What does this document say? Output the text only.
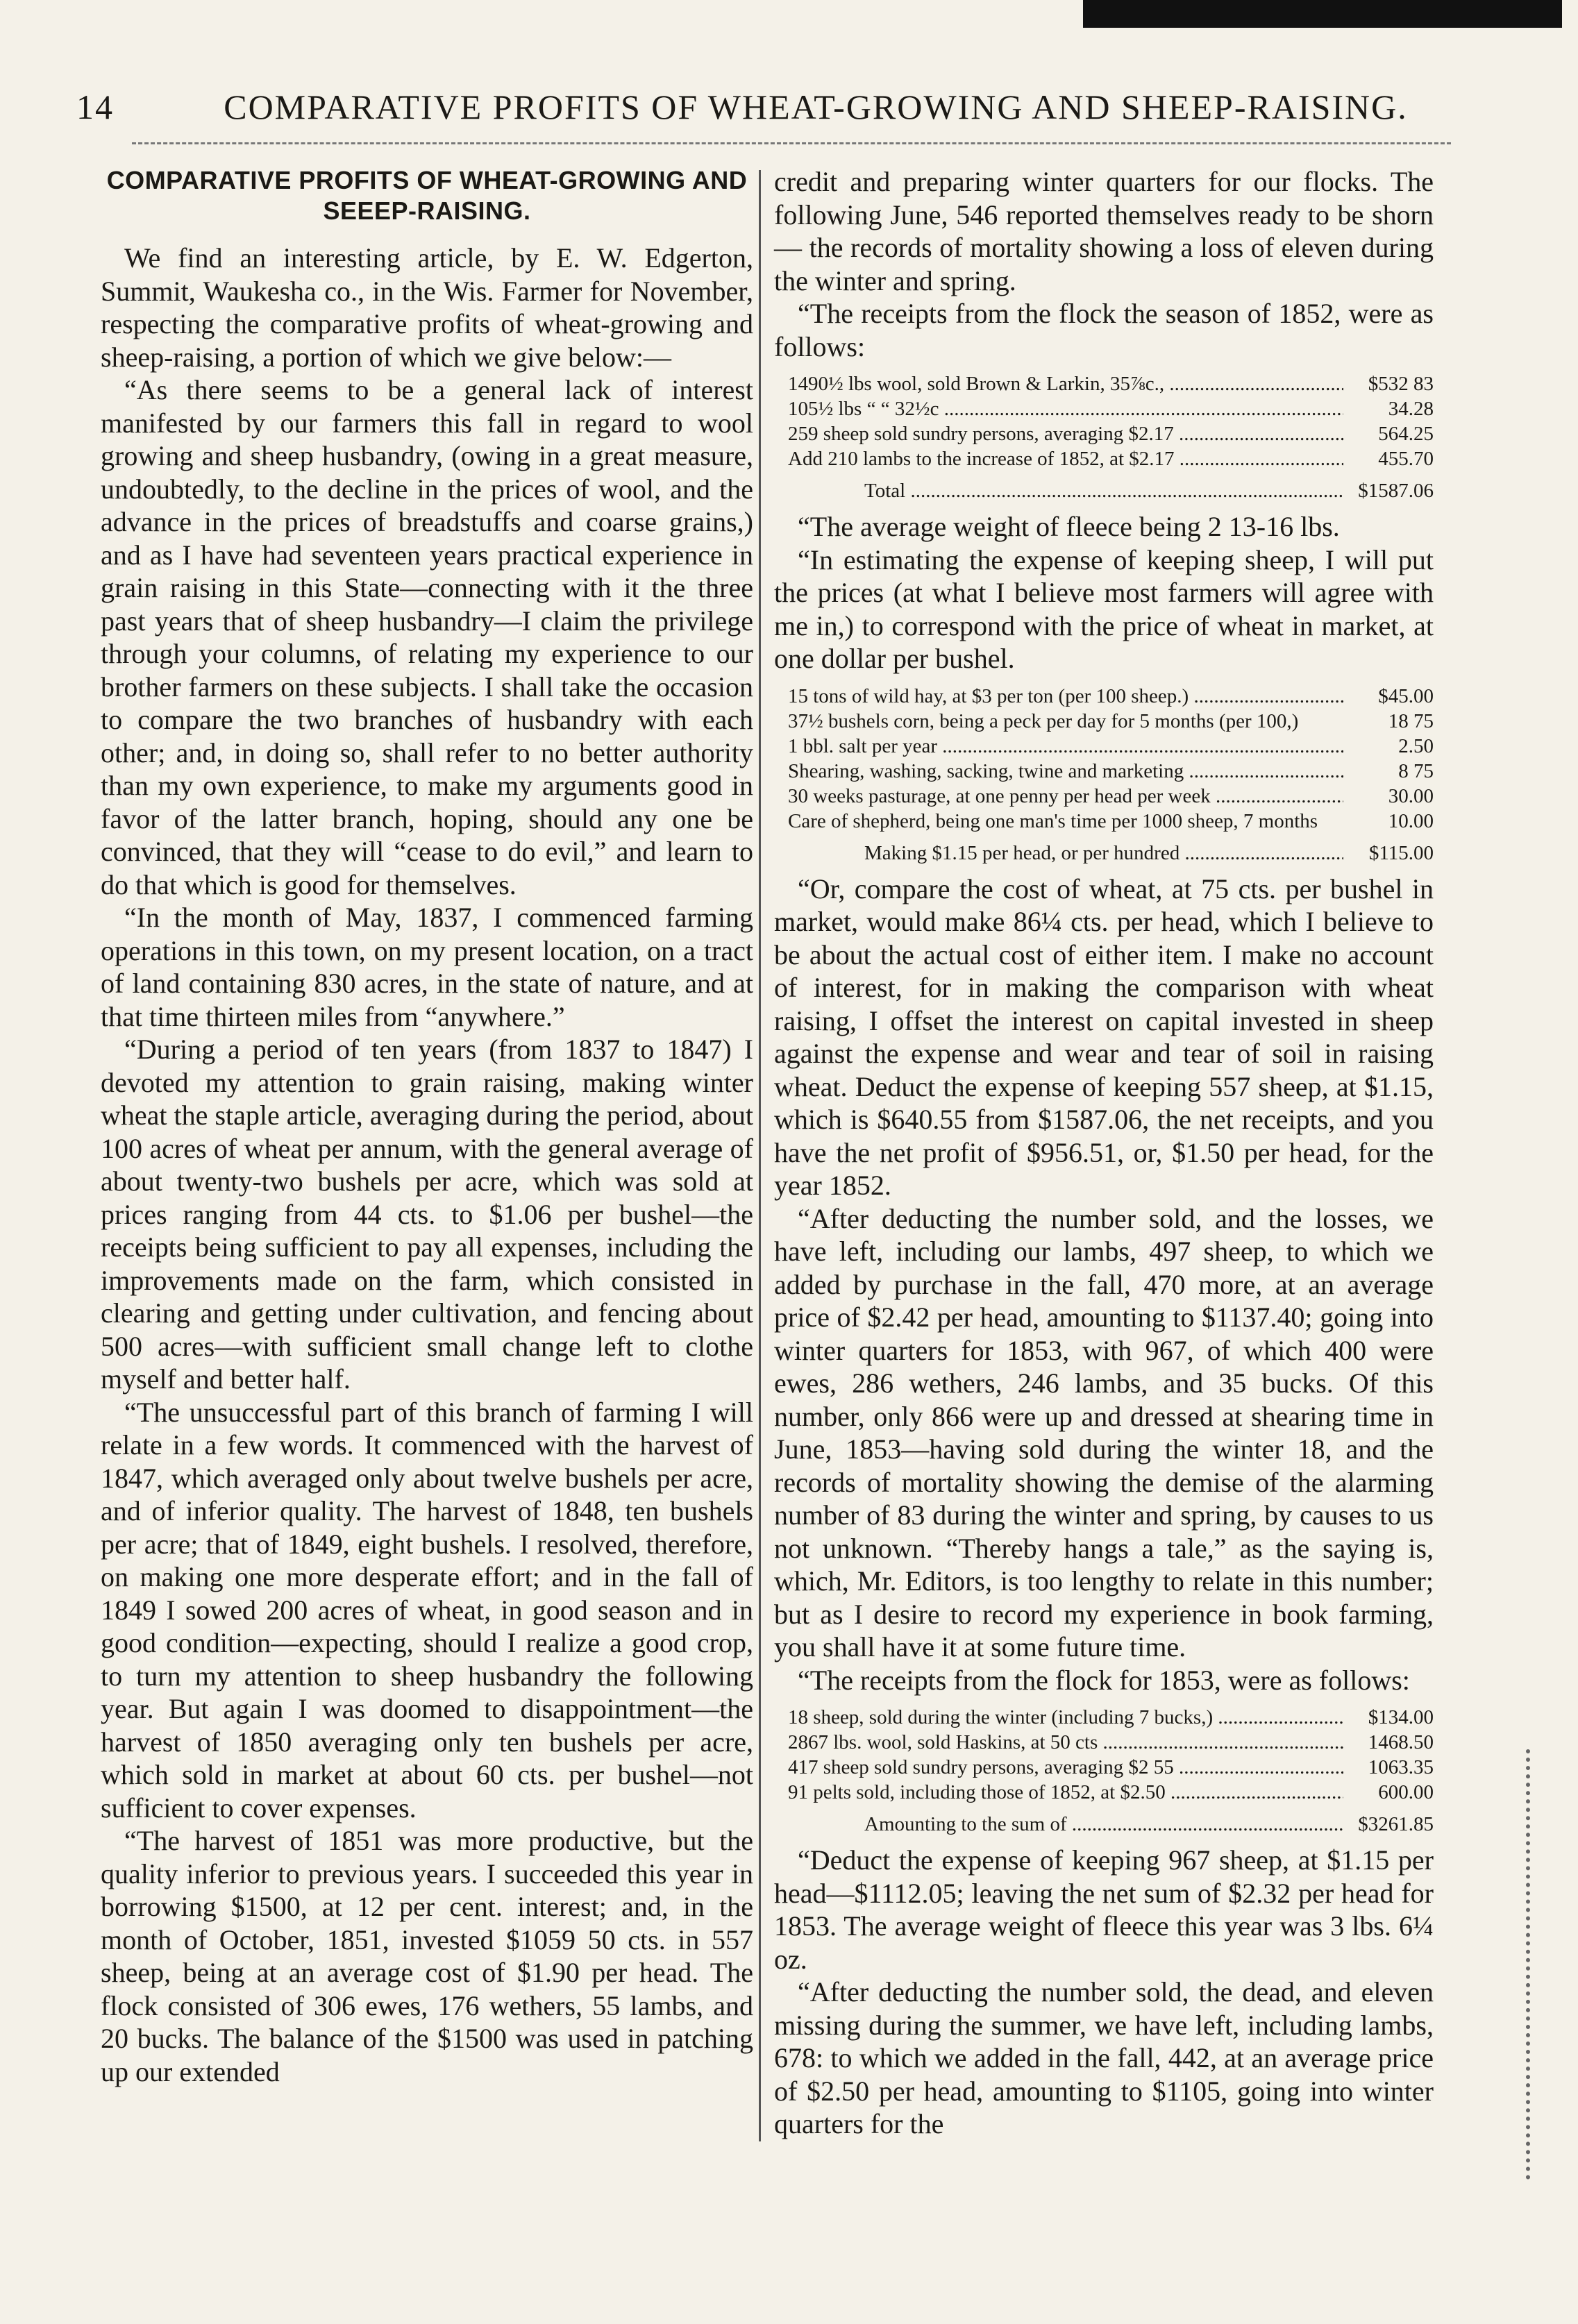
14	COMPARATIVE PROFITS OF WHEAT-GROWING AND SHEEP-RAISING.
COMPARATIVE PROFITS OF WHEAT-GROWING AND SEEEP-RAISING.

We find an interesting article, by E. W. Edgerton, Summit, Waukesha co., in the Wis. Farmer for November, respecting the comparative profits of wheat-growing and sheep-raising, a portion of which we give below:—

“As there seems to be a general lack of interest manifested by our farmers this fall in regard to wool growing and sheep husbandry, (owing in a great measure, undoubtedly, to the decline in the prices of wool, and the advance in the prices of breadstuffs and coarse grains,) and as I have had seventeen years practical experience in grain raising in this State—connecting with it the three past years that of sheep husbandry—I claim the privilege through your columns, of relating my experience to our brother farmers on these subjects. I shall take the occasion to compare the two branches of husbandry with each other; and, in doing so, shall refer to no better authority than my own experience, to make my arguments good in favor of the latter branch, hoping, should any one be convinced, that they will “cease to do evil,” and learn to do that which is good for themselves.

“In the month of May, 1837, I commenced farming operations in this town, on my present location, on a tract of land containing 830 acres, in the state of nature, and at that time thirteen miles from “anywhere.”

“During a period of ten years (from 1837 to 1847) I devoted my attention to grain raising, making winter wheat the staple article, averaging during the period, about 100 acres of wheat per annum, with the general average of about twenty-two bushels per acre, which was sold at prices ranging from 44 cts. to $1.06 per bushel—the receipts being sufficient to pay all expenses, including the improvements made on the farm, which consisted in clearing and getting under cultivation, and fencing about 500 acres—with sufficient small change left to clothe myself and better half.

“The unsuccessful part of this branch of farming I will relate in a few words. It commenced with the harvest of 1847, which averaged only about twelve bushels per acre, and of inferior quality. The harvest of 1848, ten bushels per acre; that of 1849, eight bushels. I resolved, therefore, on making one more desperate effort; and in the fall of 1849 I sowed 200 acres of wheat, in good season and in good condition—expecting, should I realize a good crop, to turn my attention to sheep husbandry the following year. But again I was doomed to disappointment—the harvest of 1850 averaging only ten bushels per acre, which sold in market at about 60 cts. per bushel—not sufficient to cover expenses.

“The harvest of 1851 was more productive, but the quality inferior to previous years. I succeeded this year in borrowing $1500, at 12 per cent. interest; and, in the month of October, 1851, invested $1059 50 cts. in 557 sheep, being at an average cost of $1.90 per head. The flock consisted of 306 ewes, 176 wethers, 55 lambs, and 20 bucks. The balance of the $1500 was used in patching up our extended

credit and preparing winter quarters for our flocks. The following June, 546 reported themselves ready to be shorn — the records of mortality showing a loss of eleven during the winter and spring.

“The receipts from the flock the season of 1852, were as follows:

1490½ lbs wool, sold Brown & Larkin, 35⅞c., .....	$532 83
105½ lbs “ “ 32½c .....	34.28
259 sheep sold sundry persons, averaging $2.17 .....	564.25
Add 210 lambs to the increase of 1852, at $2.17 .....	455.70
Total .....	$1587.06

“The average weight of fleece being 2 13-16 lbs.

“In estimating the expense of keeping sheep, I will put the prices (at what I believe most farmers will agree with me in,) to correspond with the price of wheat in market, at one dollar per bushel.

15 tons of wild hay, at $3 per ton (per 100 sheep.) .....	$45.00
37½ bushels corn, being a peck per day for 5 months (per 100,)	18 75
1 bbl. salt per year .....	2.50
Shearing, washing, sacking, twine and marketing .....	8 75
30 weeks pasturage, at one penny per head per week .....	30.00
Care of shepherd, being one man's time per 1000 sheep, 7 months	10.00
Making $1.15 per head, or per hundred .....	$115.00

“Or, compare the cost of wheat, at 75 cts. per bushel in market, would make 86¼ cts. per head, which I believe to be about the actual cost of either item. I make no account of interest, for in making the comparison with wheat raising, I offset the interest on capital invested in sheep against the expense and wear and tear of soil in raising wheat. Deduct the expense of keeping 557 sheep, at $1.15, which is $640.55 from $1587.06, the net receipts, and you have the net profit of $956.51, or, $1.50 per head, for the year 1852.

“After deducting the number sold, and the losses, we have left, including our lambs, 497 sheep, to which we added by purchase in the fall, 470 more, at an average price of $2.42 per head, amounting to $1137.40; going into winter quarters for 1853, with 967, of which 400 were ewes, 286 wethers, 246 lambs, and 35 bucks. Of this number, only 866 were up and dressed at shearing time in June, 1853—having sold during the winter 18, and the records of mortality showing the demise of the alarming number of 83 during the winter and spring, by causes to us not unknown. “Thereby hangs a tale,” as the saying is, which, Mr. Editors, is too lengthy to relate in this number; but as I desire to record my experience in book farming, you shall have it at some future time.

“The receipts from the flock for 1853, were as follows:

18 sheep, sold during the winter (including 7 bucks,) .....	$134.00
2867 lbs. wool, sold Haskins, at 50 cts .....	1468.50
417 sheep sold sundry persons, averaging $2 55 .....	1063.35
91 pelts sold, including those of 1852, at $2.50 .....	600.00
Amounting to the sum of .....	$3261.85

“Deduct the expense of keeping 967 sheep, at $1.15 per head—$1112.05; leaving the net sum of $2.32 per head for 1853. The average weight of fleece this year was 3 lbs. 6¼ oz.

“After deducting the number sold, the dead, and eleven missing during the summer, we have left, including lambs, 678: to which we added in the fall, 442, at an average price of $2.50 per head, amounting to $1105, going into winter quarters for the
